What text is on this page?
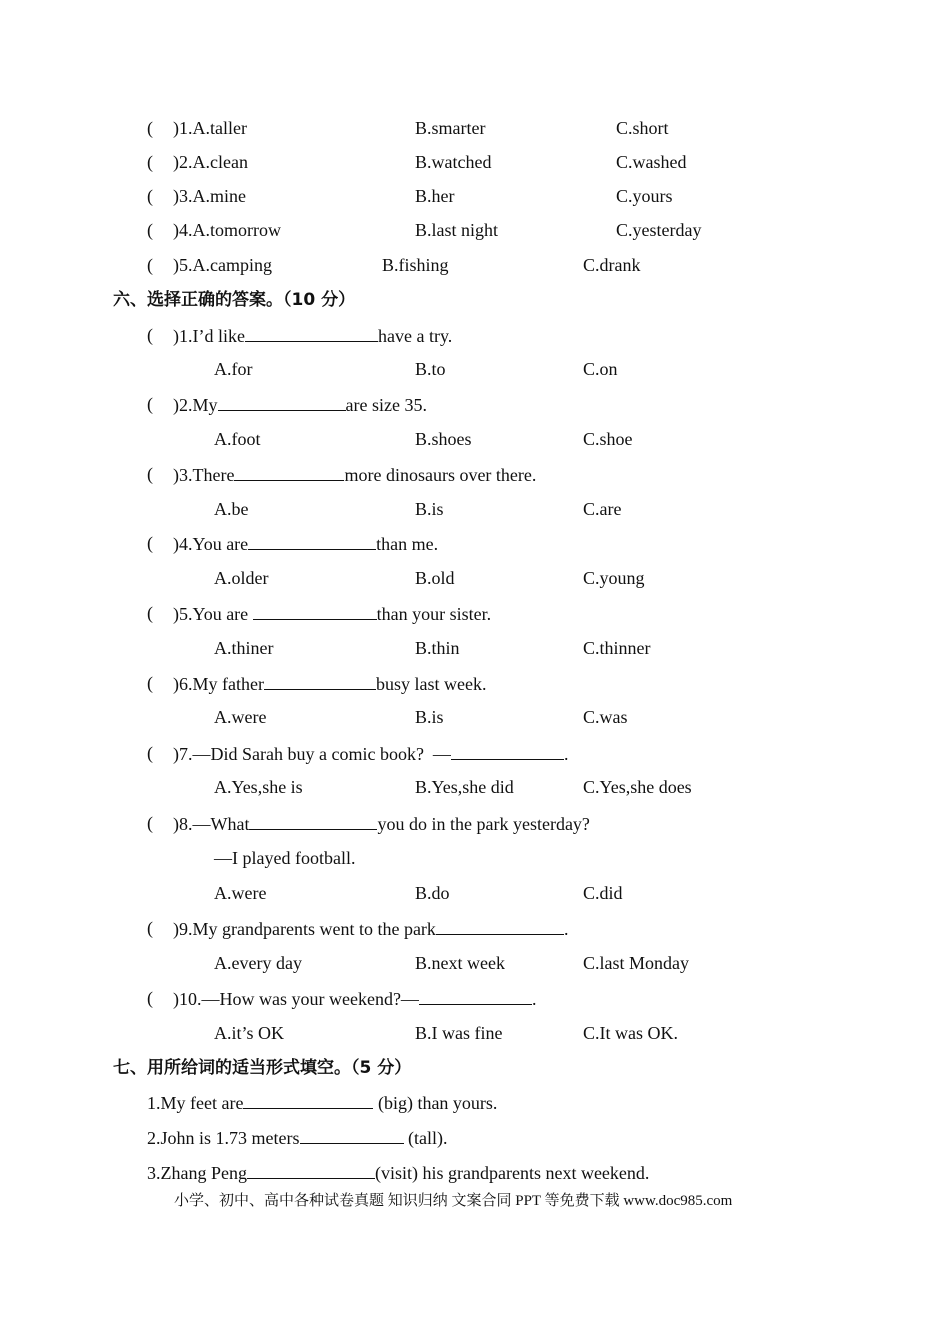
( )1.A.taller	B.smarter	C.short
( )2.A.clean	B.watched	C.washed
( )3.A.mine	B.her	C.yours
( )4.A.tomorrow	B.last night	C.yesterday
( )5.A.camping	B.fishing	C.drank
六、选择正确的答案。（10 分）
( )1.I’d like	have a try.
A.for	B.to	C.on
( )2.My	are size 35.
A.foot	B.shoes	C.shoe
( )3.There	more dinosaurs over there.
A.be	B.is	C.are
( )4.You are	than me.
A.older	B.old	C.young
( )5.You are	than your sister.
A.thiner	B.thin	C.thinner
( )6.My father	busy last week.
A.were	B.is	C.was
( )7.—Did Sarah buy a comic book?  —	.
A.Yes,she is	B.Yes,she did	C.Yes,she does
( )8.—What	you do in the park yesterday?
—I played football.
A.were	B.do	C.did
( )9.My grandparents went to the park	.
A.every day	B.next week	C.last Monday
( )10.—How was your weekend?—	.
A.it’s OK	B.I was fine	C.It was OK.
七、用所给词的适当形式填空。（5 分）
1.My feet are	(big) than yours.
2.John is 1.73 meters	(tall).
3.Zhang Peng	(visit) his grandparents next weekend.
小学、初中、高中各种试卷真题 知识归纳 文案合同 PPT 等免费下载 www.doc985.com
